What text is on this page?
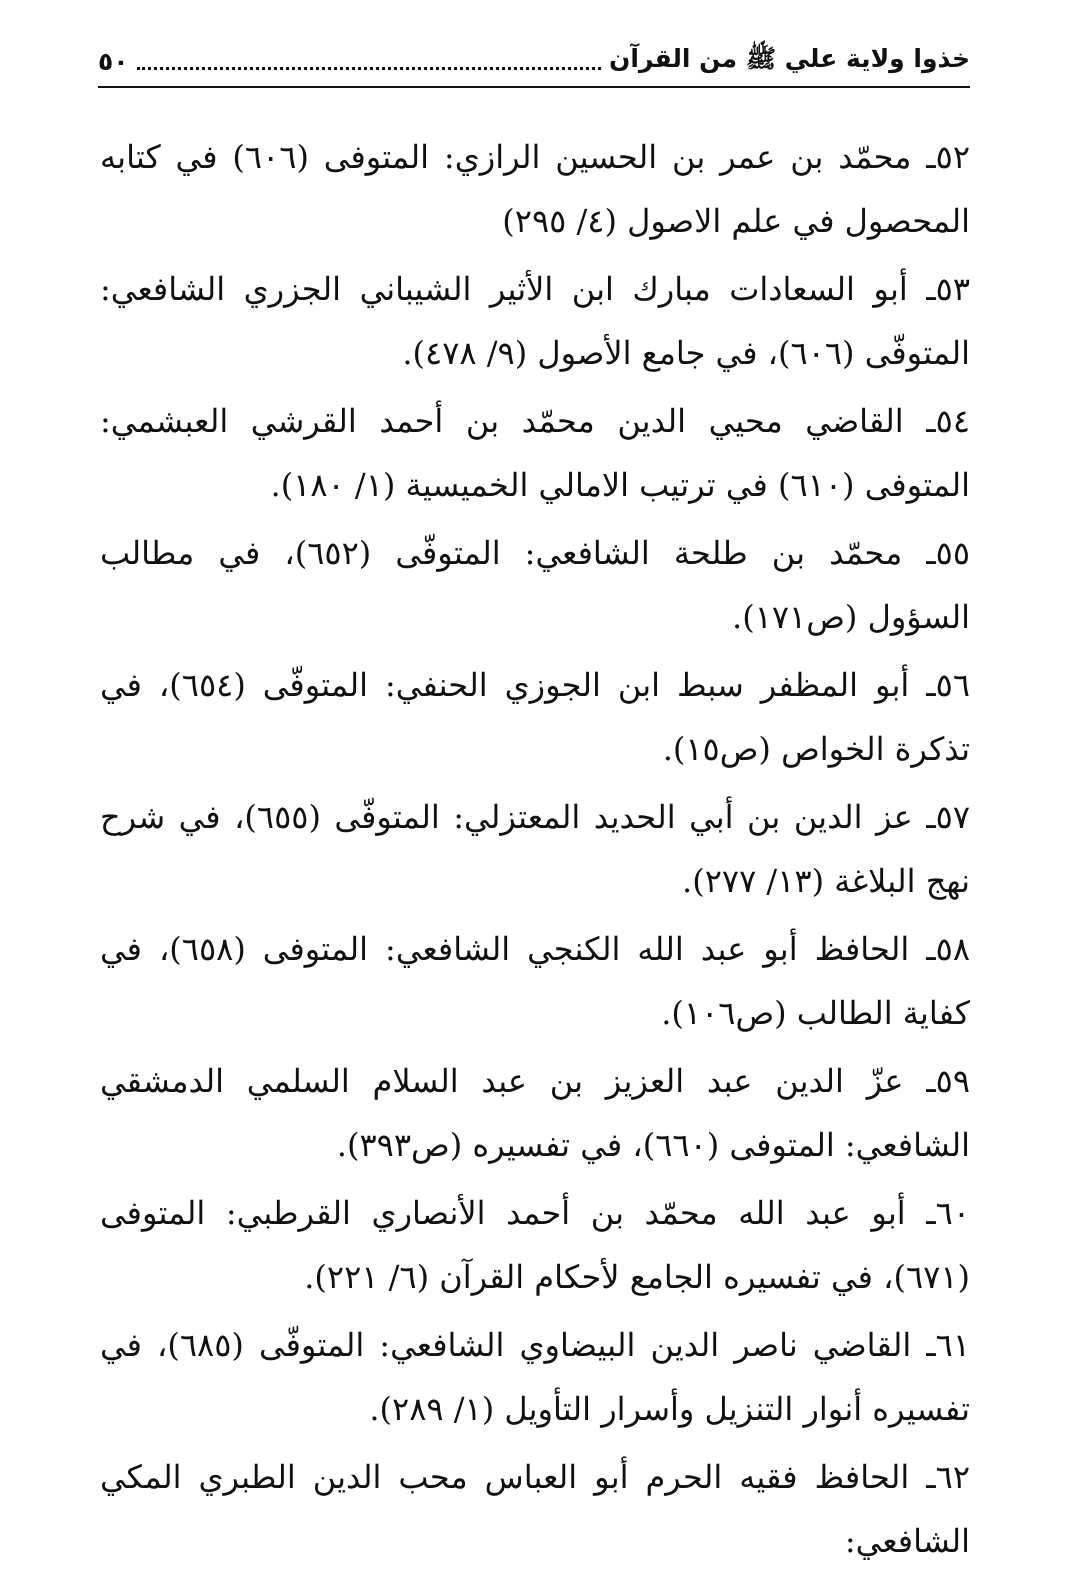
خذوا ولاية علي ﷺ من القرآن
٥٠

٥٢ـ محمّد بن عمر بن الحسين الرازي: المتوفى (٦٠٦) في كتابه المحصول في علم الاصول (٤/ ٢٩٥)

٥٣ـ أبو السعادات مبارك ابن الأثير الشيباني الجزري الشافعي: المتوفّى (٦٠٦)، في جامع الأصول (٩/ ٤٧٨).

٥٤ـ القاضي محيي الدين محمّد بن أحمد القرشي العبشمي: المتوفى (٦١٠) في ترتيب الامالي الخميسية (١/ ١٨٠).

٥٥ـ محمّد بن طلحة الشافعي: المتوفّى (٦٥٢)، في مطالب السؤول (ص١٧١).

٥٦ـ أبو المظفر سبط ابن الجوزي الحنفي: المتوفّى (٦٥٤)، في تذكرة الخواص (ص١٥).

٥٧ـ عز الدين بن أبي الحديد المعتزلي: المتوفّى (٦٥٥)، في شرح نهج البلاغة (١٣/ ٢٧٧).

٥٨ـ الحافظ أبو عبد الله الكنجي الشافعي: المتوفى (٦٥٨)، في كفاية الطالب (ص١٠٦).

٥٩ـ عزّ الدين عبد العزيز بن عبد السلام السلمي الدمشقي الشافعي: المتوفى (٦٦٠)، في تفسيره (ص٣٩٣).

٦٠ـ أبو عبد الله محمّد بن أحمد الأنصاري القرطبي: المتوفى (٦٧١)، في تفسيره الجامع لأحكام القرآن (٦/ ٢٢١).

٦١ـ القاضي ناصر الدين البيضاوي الشافعي: المتوفّى (٦٨٥)، في تفسيره أنوار التنزيل وأسرار التأويل (١/ ٢٨٩).

٦٢ـ الحافظ فقيه الحرم أبو العباس محب الدين الطبري المكي الشافعي:
